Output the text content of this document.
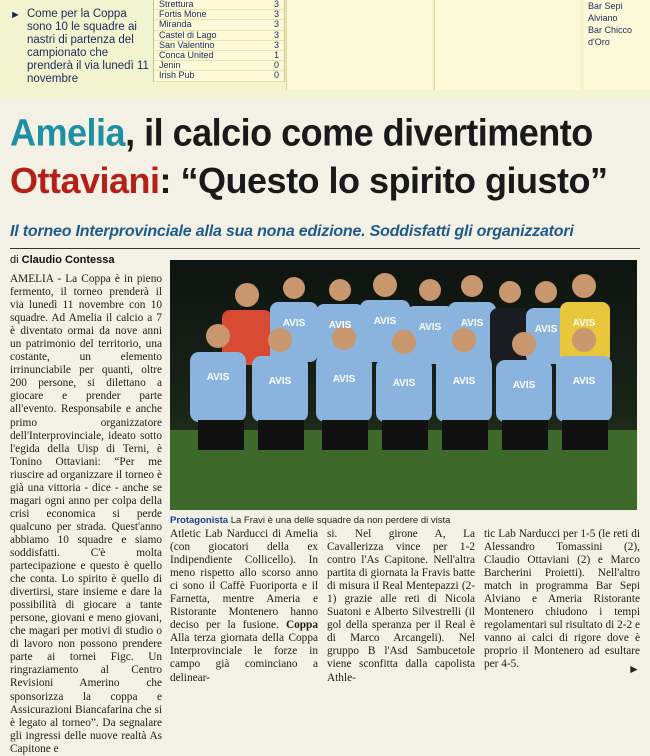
► Come per la Coppa sono 10 le squadre ai nastri di partenza del campionato che prenderà il via lunedì 11 novembre
Strettura	3
Fortis Mone	3
Miranda	3
Castel di Lago	3
San Valentino	3
Conca United	1
Jenin	0
Irish Pub	0
Bar Sepi Alviano
Bar Chicco d'Oro
Amelia, il calcio come divertimento
Ottaviani: “Questo lo spirito giusto”
Il torneo Interprovinciale alla sua nona edizione. Soddisfatti gli organizzatori
di Claudio Contessa
AMELIA - La Coppa è in pieno fermento, il torneo prenderà il via lunedì 11 novembre con 10 squadre. Ad Amelia il calcio a 7 è diventato ormai da nove anni un patrimonio del territorio, una costante, un elemento irrinunciabile per quanti, oltre 200 persone, si dilettano a giocare e prender parte all'evento. Responsabile e anche primo organizzatore dell'Interprovinciale, ideato sotto l'egida della Uisp di Terni, è Tonino Ottaviani: “Per me riuscire ad organizzare il torneo è già una vittoria - dice - anche se magari ogni anno per colpa della crisi economica si perde qualcuno per strada. Quest'anno abbiamo 10 squadre e siamo soddisfatti. C'è molta partecipazione e questo è quello che conta. Lo spirito è quello di divertirsi, stare insieme e dare la possibilità di giocare a tante persone, giovani e meno giovani, che magari per motivi di studio o di lavoro non possono prendere parte ai tornei Figc. Un ringraziamento al Centro Revisioni Amerino che sponsorizza la coppa e Assicurazioni Biancafarina che si è legato al torneo”. Da segnalare gli ingressi delle nuove realtà As Capitone e
AVIS AVIS AVIS
AVIS AVIS
AVIS
AVIS
AVIS	AVIS	AVIS	AVIS	AVIS	AVIS	AVIS
Protagonista La Fravi è una delle squadre da non perdere di vista
Atletic Lab Narducci di Amelia (con giocatori della ex Indipendiente Collicello). In meno rispetto allo scorso anno ci sono il Caffè Fuoriporta e il Farnetta, mentre Ameria e Ristorante Montenero hanno deciso per la fusione. Coppa Alla terza giornata della Coppa Interprovinciale le forze in campo già cominciano a delinear-
si. Nel girone A, La Cavallerizza vince per 1-2 contro l'As Capitone. Nell'altra partita di giornata la Fravis batte di misura il Real Mentepazzi (2-1) grazie alle reti di Nicola Suatoni e Alberto Silvestrelli (il gol della speranza per il Real è di Marco Arcangeli). Nel gruppo B l'Asd Sambucetole viene sconfitta dalla capolista Athle-
tic Lab Narducci per 1-5 (le reti di Alessandro Tomassini (2), Claudio Ottaviani (2) e Marco Barcherini Proietti). Nell'altro match in programma Bar Sepi Alviano e Ameria Ristorante Montenero chiudono i tempi regolamentari sul risultato di 2-2 e vanno ai calci di rigore dove è proprio il Montenero ad esultare per 4-5.	►
